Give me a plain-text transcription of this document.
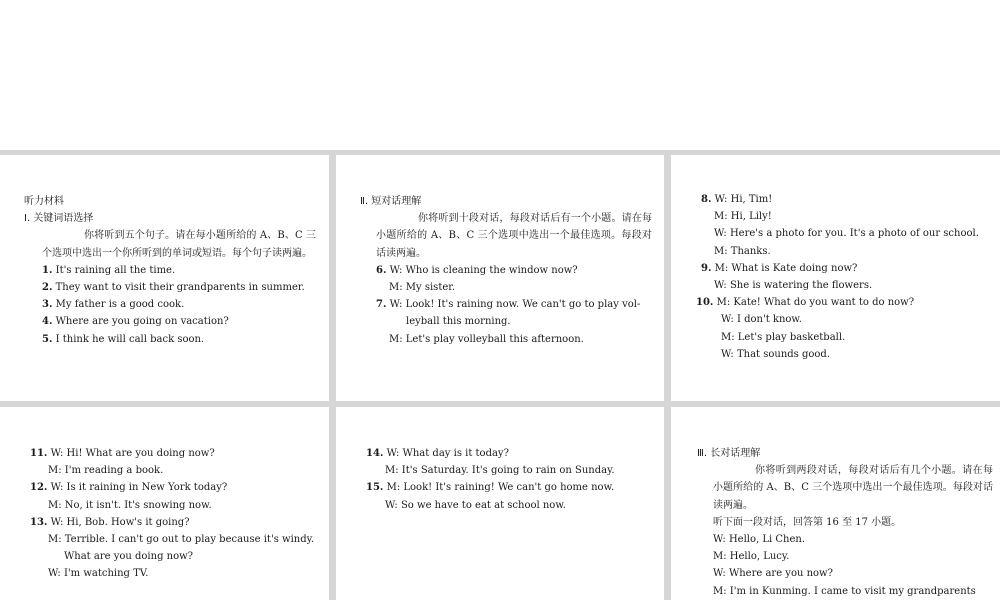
听力材料
Ⅰ. 关键词语选择
你将听到五个句子。请在每小题所给的 A、B、C 三个选项中选出一个你所听到的单词或短语。每个句子读两遍。
1. It's raining all the time.
2. They want to visit their grandparents in summer.
3. My father is a good cook.
4. Where are you going on vacation?
5. I think he will call back soon.
Ⅱ. 短对话理解
你将听到十段对话，每段对话后有一个小题。请在每小题所给的 A、B、C 三个选项中选出一个最佳选项。每段对话读两遍。
6. W: Who is cleaning the window now?
M: My sister.
7. W: Look! It's raining now. We can't go to play vol-
leyball this morning.
M: Let's play volleyball this afternoon.
8. W: Hi, Tim!
M: Hi, Lily!
W: Here's a photo for you. It's a photo of our school.
M: Thanks.
9. M: What is Kate doing now?
W: She is watering the flowers.
10. M: Kate! What do you want to do now?
W: I don't know.
M: Let's play basketball.
W: That sounds good.
11. W: Hi! What are you doing now?
M: I'm reading a book.
12. W: Is it raining in New York today?
M: No, it isn't. It's snowing now.
13. W: Hi, Bob. How's it going?
M: Terrible. I can't go out to play because it's windy.
What are you doing now?
W: I'm watching TV.
14. W: What day is it today?
M: It's Saturday. It's going to rain on Sunday.
15. M: Look! It's raining! We can't go home now.
W: So we have to eat at school now.
Ⅲ. 长对话理解
你将听到两段对话，每段对话后有几个小题。请在每小题所给的 A、B、C 三个选项中选出一个最佳选项。每段对话读两遍。
听下面一段对话，回答第 16 至 17 小题。
W: Hello, Li Chen.
M: Hello, Lucy.
W: Where are you now?
M: I'm in Kunming. I came to visit my grandparents
